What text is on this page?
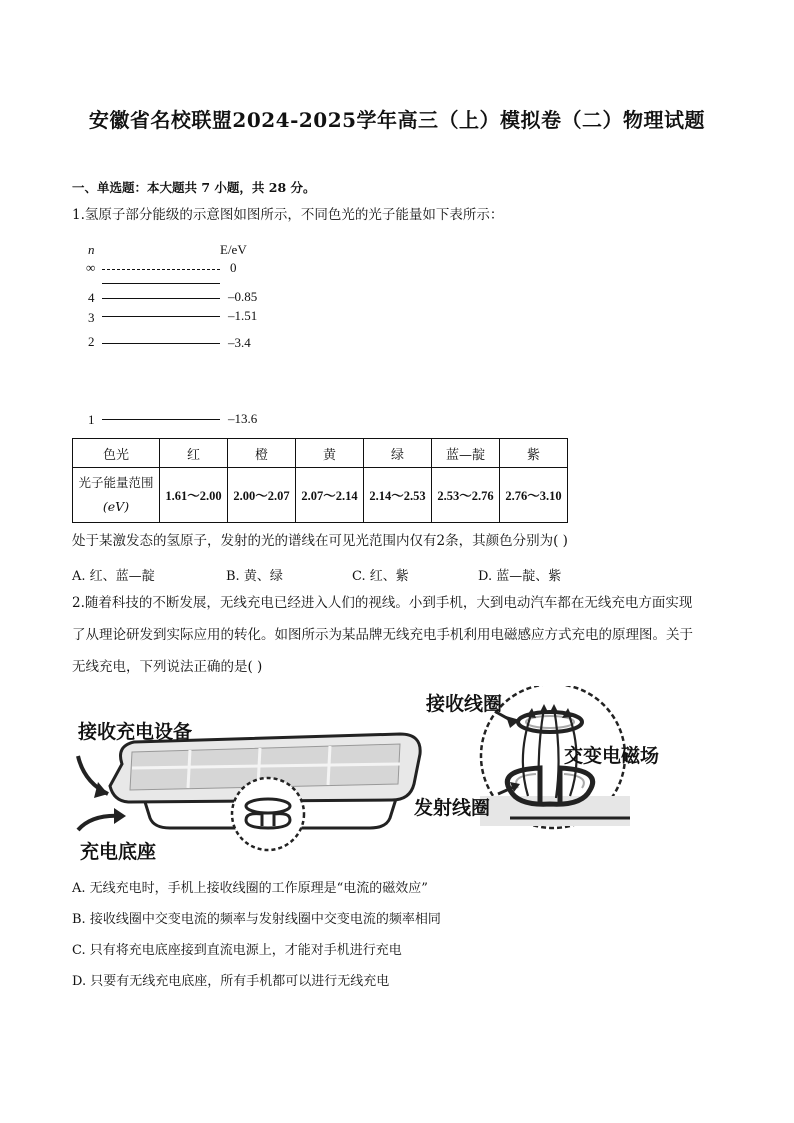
安徽省名校联盟2024-2025学年高三（上）模拟卷（二）物理试题
一、单选题：本大题共 7 小题，共 28 分。
1.氢原子部分能级的示意图如图所示，不同色光的光子能量如下表所示：
n	E/eV
∞	0
4	–0.85
3	–1.51
2	–3.4
1	–13.6
色光	红	橙	黄	绿	蓝—靛	紫

光子能量范围
(eV)	1.61～2.00	2.00～2.07	2.07～2.14	2.14～2.53	2.53～2.76	2.76～3.10
处于某激发态的氢原子，发射的光的谱线在可见光范围内仅有2条，其颜色分别为( )
A. 红、蓝—靛	B. 黄、绿	C. 红、紫	D. 蓝—靛、紫
2.随着科技的不断发展，无线充电已经进入人们的视线。小到手机，大到电动汽车都在无线充电方面实现
了从理论研发到实际应用的转化。如图所示为某品牌无线充电手机利用电磁感应方式充电的原理图。关于
无线充电，下列说法正确的是( )
接收充电设备
充电底座
接收线圈
交变电磁场
发射线圈
A. 无线充电时，手机上接收线圈的工作原理是“电流的磁效应”
B. 接收线圈中交变电流的频率与发射线圈中交变电流的频率相同
C. 只有将充电底座接到直流电源上，才能对手机进行充电
D. 只要有无线充电底座，所有手机都可以进行无线充电
